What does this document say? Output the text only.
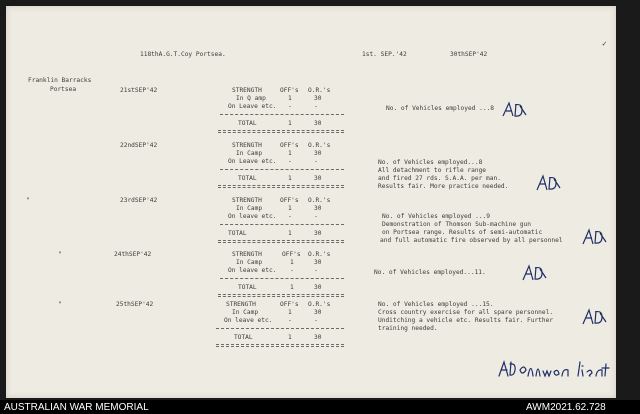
118thA.G.T.Coy Portsea.	1st. SEP.'42	30thSEP'42
✓
Franklin Barracks
Portsea	21stSEP'42	STRENGTH	OFF's O.R.'s
In Q amp	1	30
On Leave etc. -	-
TOTAL	1	30
No. of Vehicles employed ...8
22ndSEP'42	STRENGTH	OFF's O.R.'s
In Camp	1	30
On Leave etc. -	-
TOTAL	1	30
No. of Vehicles employed...8
All detachment to rifle range
and fired 27 rds. S.A.A. per man.
Results fair. More practice needed.
"	23rdSEP'42	STRENGTH	OFF's O.R.'s
In Camp	1	30
On leave etc. -	-
TOTAL	1	30
No. of Vehicles employed ...9
Demonstration of Thomson Sub-machine gun
on Portsea range. Results of semi-automatic
and full automatic fire observed by all personnel
"	24thSEP'42	STRENGTH	OFF's O.R.'s
In Camp	1	30
On leave etc. -	-
TOTAL	1	30
No. of Vehicles employed...11.
"	25thSEP'42	STRENGTH	OFF's O.R.'s
In Camp	1	30
On leave etc.	-	-
TOTAL	1	30
No. of Vehicles employed ...15.
Cross country exercise for all spare personnel.
Unditching a vehicle etc. Results fair. Further
training needed.
AUSTRALIAN WAR MEMORIAL	AWM2021.62.728
